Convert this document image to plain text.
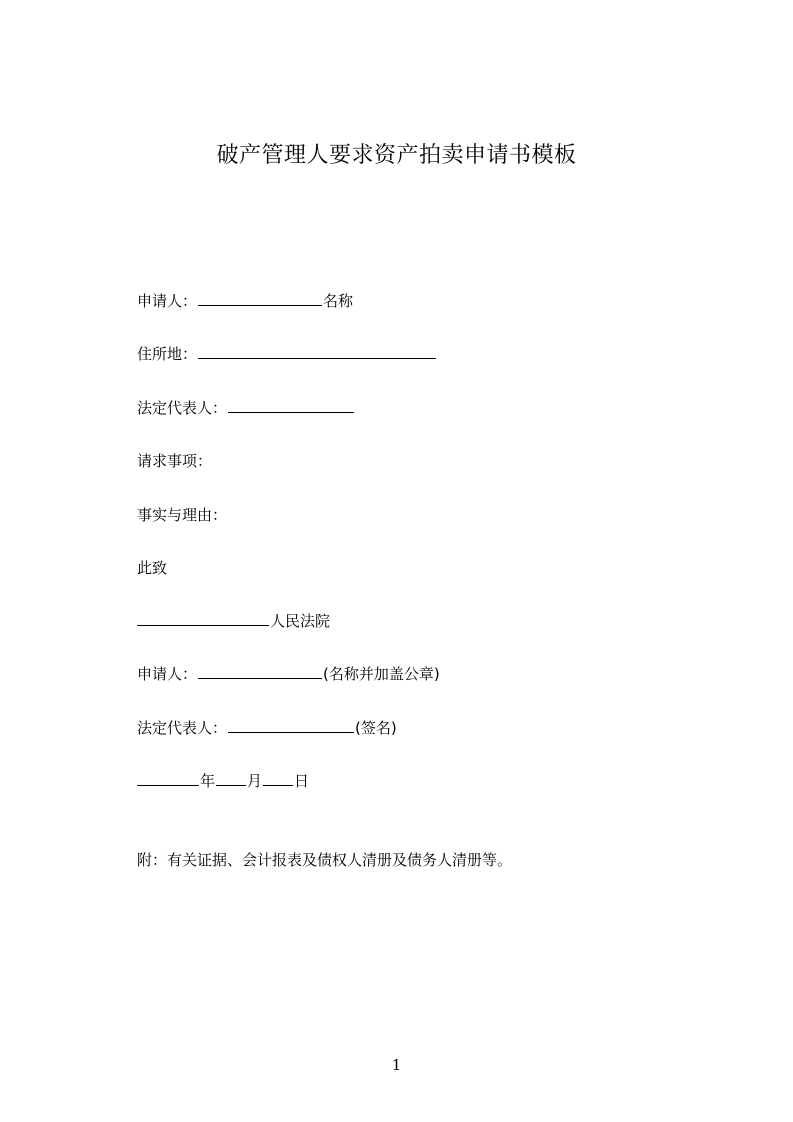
破产管理人要求资产拍卖申请书模板
申请人：	名称
住所地：
法定代表人：
请求事项：
事实与理由：
此致
人民法院
申请人：	(名称并加盖公章)
法定代表人：	(签名)
年 月 日
附：有关证据、会计报表及债权人清册及债务人清册等。
1
